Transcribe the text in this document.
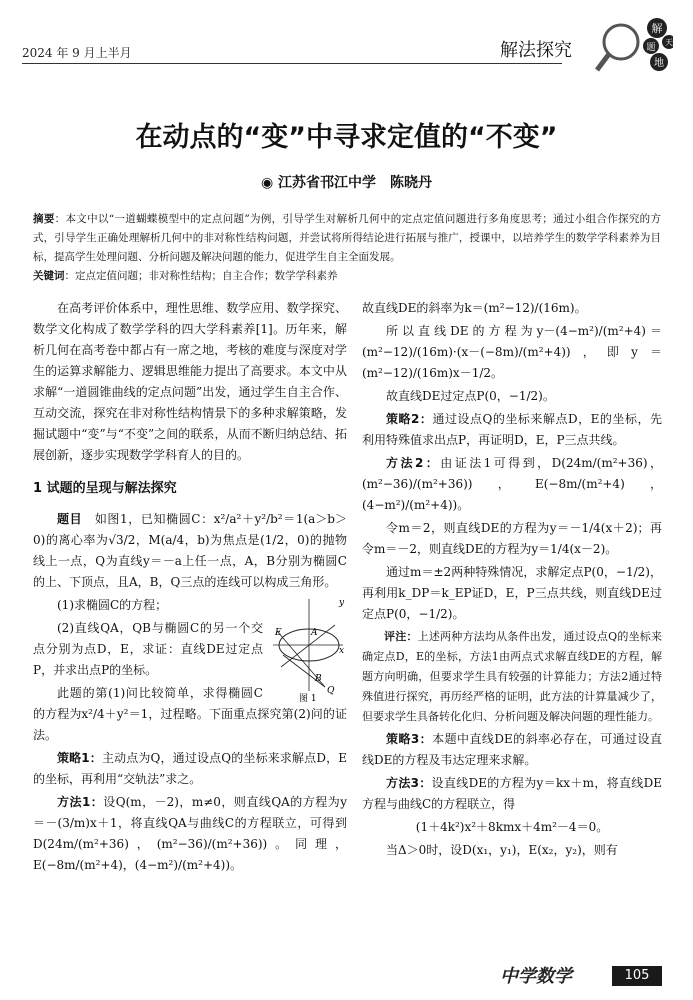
2024 年 9 月上半月	解法探究
解
题
天
地
在动点的“变”中寻求定值的“不变”
◉ 江苏省邗江中学　陈晓丹
摘要：本文中以“一道蝴蝶模型中的定点问题”为例，引导学生对解析几何中的定点定值问题进行多角度思考；通过小组合作探究的方式，引导学生正确处理解析几何中的非对称性结构问题，并尝试将所得结论进行拓展与推广，授课中，以培养学生的数学学科素养为目标，提高学生处理问题、分析问题及解决问题的能力，促进学生自主全面发展。
关键词：定点定值问题；非对称性结构；自主合作；数学学科素养

在高考评价体系中，理性思维、数学应用、数学探究、数学文化构成了数学学科的四大学科素养[1]。历年来，解析几何在高考卷中都占有一席之地，考核的难度与深度对学生的运算求解能力、逻辑思维能力提出了高要求。本文中从求解“一道圆锥曲线的定点问题”出发，通过学生自主合作、互动交流，探究在非对称性结构情景下的多种求解策略，发掘试题中“变”与“不变”之间的联系，从而不断归纳总结、拓展创新，逐步实现数学学科育人的目的。

1 试题的呈现与解法探究

题目　 如图1，已知椭圆C：x²/a²＋y²/b²＝1(a＞b＞0)的离心率为√3/2，M(a/4，b)为焦点是(1/2，0)的抛物线上一点，Q为直线y＝－a上任一点，A，B分别为椭圆C的上、下顶点，且A，B，Q三点的连线可以构成三角形。

B
Q
E	A
y
x
图 1

(1)求椭圆C的方程；

(2)直线QA，QB与椭圆C的另一个交点分别为点D，E，求证：直线DE过定点P，并求出点P的坐标。

此题的第(1)问比较简单，求得椭圆C的方程为x²/4＋y²＝1，过程略。下面重点探究第(2)问的证法。

策略1：主动点为Q，通过设点Q的坐标来求解点D，E的坐标，再利用“交轨法”求之。

方法1：设Q(m，－2)，m≠0，则直线QA的方程为y＝－(3/m)x＋1，将直线QA与曲线C的方程联立，可得到D(24m/(m²+36)，(m²−36)/(m²+36))。同理，E(−8m/(m²+4)，(4−m²)/(m²+4))。

故直线DE的斜率为k＝(m²−12)/(16m)。

所以直线DE的方程为y－(4−m²)/(m²+4)＝(m²−12)/(16m)·(x－(−8m)/(m²+4))，即y＝(m²−12)/(16m)x－1/2。

故直线DE过定点P(0，−1/2)。

策略2：通过设点Q的坐标来解点D，E的坐标，先利用特殊值求出点P，再证明D，E，P三点共线。

方法2：由证法1可得到，D(24m/(m²+36)，(m²−36)/(m²+36))，E(−8m/(m²+4)，(4−m²)/(m²+4))。

令m＝2，则直线DE的方程为y＝－1/4(x＋2)；再令m＝－2，则直线DE的方程为y＝1/4(x－2)。

通过m＝±2两种特殊情况，求解定点P(0，−1/2)，再利用k_DP＝k_EP证D，E，P三点共线，则直线DE过定点P(0，−1/2)。

评注：上述两种方法均从条件出发，通过设点Q的坐标来确定点D，E的坐标，方法1由两点式求解直线DE的方程，解题方向明确，但要求学生具有较强的计算能力；方法2通过特殊值进行探究，再历经严格的证明，此方法的计算量减少了，但要求学生具备转化化归、分析问题及解决问题的理性能力。

策略3：本题中直线DE的斜率必存在，可通过设直线DE的方程及韦达定理来求解。

方法3：设直线DE的方程为y＝kx＋m，将直线DE方程与曲线C的方程联立，得

(1＋4k²)x²＋8kmx＋4m²－4＝0。

当Δ＞0时，设D(x₁，y₁)，E(x₂，y₂)，则有

中学数学	105
